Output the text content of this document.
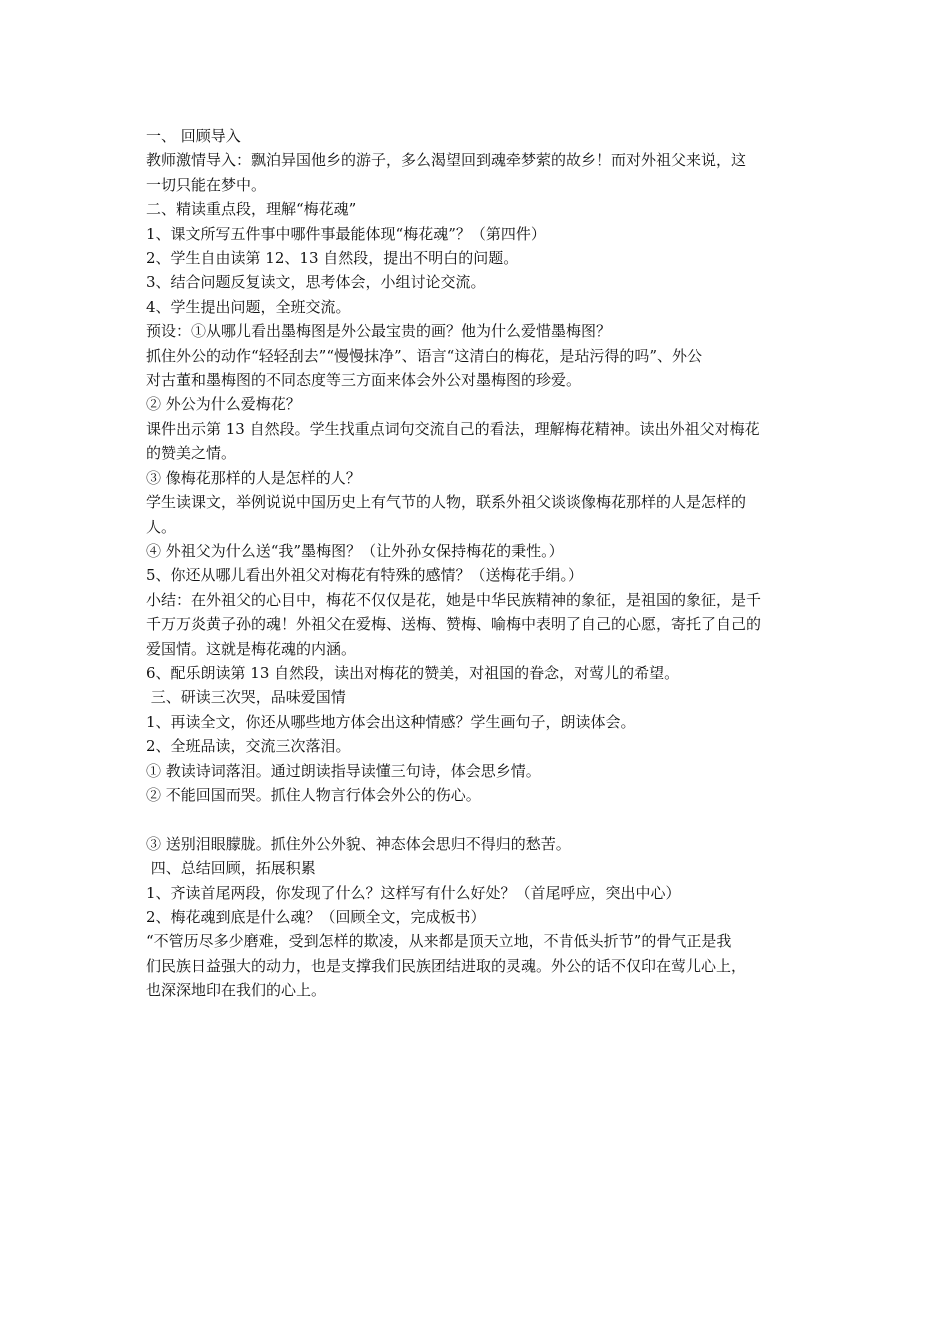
一、 回顾导入
教师激情导入：飘泊异国他乡的游子，多么渴望回到魂牵梦萦的故乡！而对外祖父来说，这
一切只能在梦中。
二、精读重点段，理解“梅花魂”
1、课文所写五件事中哪件事最能体现“梅花魂”？（第四件）
2、学生自由读第 12、13 自然段，提出不明白的问题。
3、结合问题反复读文，思考体会，小组讨论交流。
4、学生提出问题，全班交流。
预设：①从哪儿看出墨梅图是外公最宝贵的画？他为什么爱惜墨梅图？
抓住外公的动作“轻轻刮去”“慢慢抹净”、语言“这清白的梅花，是玷污得的吗”、外公
对古董和墨梅图的不同态度等三方面来体会外公对墨梅图的珍爱。
② 外公为什么爱梅花？
课件出示第 13 自然段。学生找重点词句交流自己的看法，理解梅花精神。读出外祖父对梅花
的赞美之情。
③ 像梅花那样的人是怎样的人？
学生读课文，举例说说中国历史上有气节的人物，联系外祖父谈谈像梅花那样的人是怎样的
人。
④ 外祖父为什么送“我”墨梅图？（让外孙女保持梅花的秉性。）
5、你还从哪儿看出外祖父对梅花有特殊的感情？（送梅花手绢。）
小结：在外祖父的心目中，梅花不仅仅是花，她是中华民族精神的象征，是祖国的象征，是千
千万万炎黄子孙的魂！外祖父在爱梅、送梅、赞梅、喻梅中表明了自己的心愿，寄托了自己的
爱国情。这就是梅花魂的内涵。
6、配乐朗读第 13 自然段，读出对梅花的赞美，对祖国的眷念，对莺儿的希望。
三、研读三次哭，品味爱国情
1、再读全文，你还从哪些地方体会出这种情感？学生画句子，朗读体会。
2、全班品读，交流三次落泪。
① 教读诗词落泪。通过朗读指导读懂三句诗，体会思乡情。
② 不能回国而哭。抓住人物言行体会外公的伤心。
③ 送别泪眼朦胧。抓住外公外貌、神态体会思归不得归的愁苦。
四、总结回顾，拓展积累
1、齐读首尾两段，你发现了什么？这样写有什么好处？（首尾呼应，突出中心）
2、梅花魂到底是什么魂？（回顾全文，完成板书）
“不管历尽多少磨难，受到怎样的欺凌，从来都是顶天立地，不肯低头折节”的骨气正是我
们民族日益强大的动力，也是支撑我们民族团结进取的灵魂。外公的话不仅印在莺儿心上，
也深深地印在我们的心上。
